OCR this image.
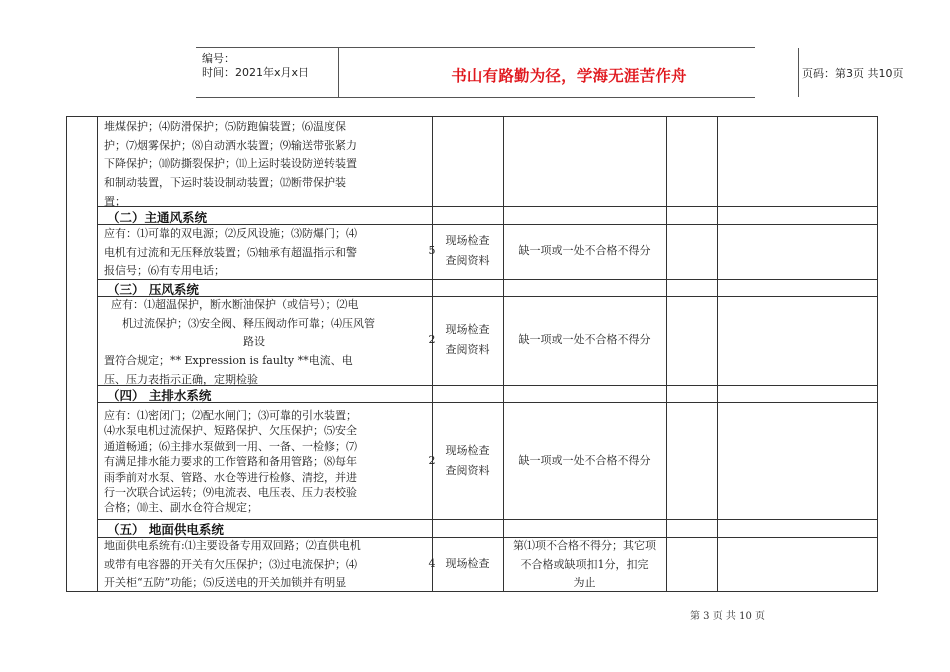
编号：
时间：2021年x月x日	书山有路勤为径，学海无涯苦作舟	页码：第3页 共10页
堆煤保护；⑷防滑保护；⑸防跑偏装置；⑹温度保
护；⑺烟雾保护；⑻自动洒水装置；⑼输送带张紧力
下降保护；⑽防撕裂保护；⑾上运时装设防逆转装置
和制动装置，下运时装设制动装置；⑿断带保护装
置；
（二）主通风系统
应有：⑴可靠的双电源；⑵反风设施；⑶防爆门；⑷
电机有过流和无压释放装置；⑸轴承有超温指示和警
报信号；⑹有专用电话；
5
现场检查
查阅资料
缺一项或一处不合格不得分
（三） 压风系统
应有：⑴超温保护，断水断油保护（或信号）；⑵电
机过流保护；⑶安全阀、释压阀动作可靠；⑷压风管
路设
置符合规定；** Expression is faulty **电流、电
压、压力表指示正确，定期检验
2
现场检查
查阅资料
缺一项或一处不合格不得分
（四） 主排水系统
应有：⑴密闭门；⑵配水闸门；⑶可靠的引水装置；
⑷水泵电机过流保护、短路保护、欠压保护；⑸安全
通道畅通；⑹主排水泵做到一用、一备、一检修；⑺
有满足排水能力要求的工作管路和备用管路；⑻每年
雨季前对水泵、管路、水仓等进行检修、清挖，并进
行一次联合试运转；⑼电流表、电压表、压力表校验
合格；⑽主、副水仓符合规定；
2
现场检查
查阅资料
缺一项或一处不合格不得分
（五） 地面供电系统
地面供电系统有:⑴主要设备专用双回路；⑵直供电机
或带有电容器的开关有欠压保护；⑶过电流保护；⑷
开关柜“五防”功能；⑸反送电的开关加锁并有明显
4 现场检查
第⑴项不合格不得分；其它项
不合格或缺项扣1分，扣完
为止
第 3 页 共 10 页
